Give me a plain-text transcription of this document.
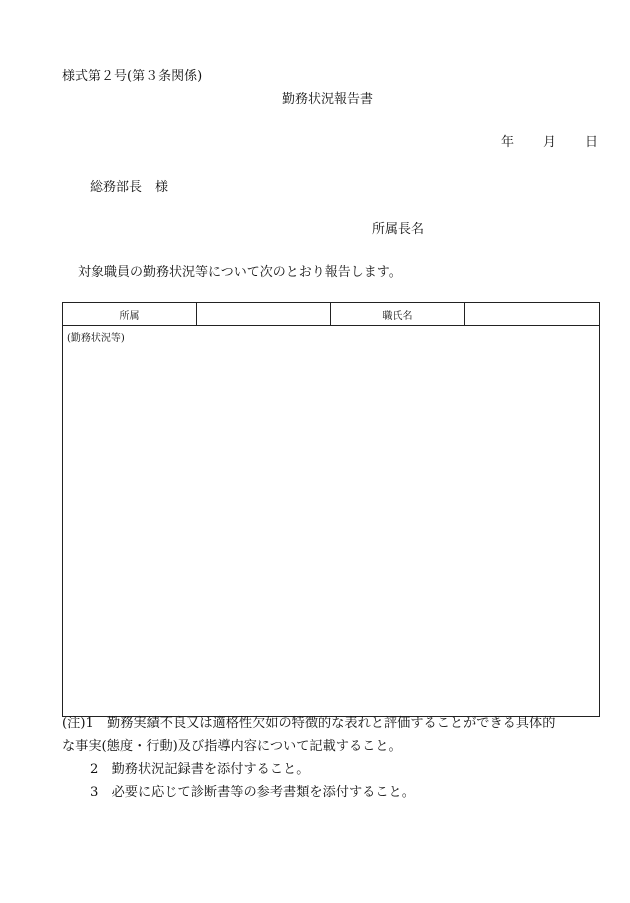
様式第２号(第３条関係)
勤務状況報告書
年 月 日
総務部長　様
所属長名
対象職員の勤務状況等について次のとおり報告します。
所属		職氏名	
(勤務状況等)

(注)1　勤務実績不良又は適格性欠如の特徴的な表れと評価することができる具体的

な事実(態度・行動)及び指導内容について記載すること。

2　勤務状況記録書を添付すること。

3　必要に応じて診断書等の参考書類を添付すること。
